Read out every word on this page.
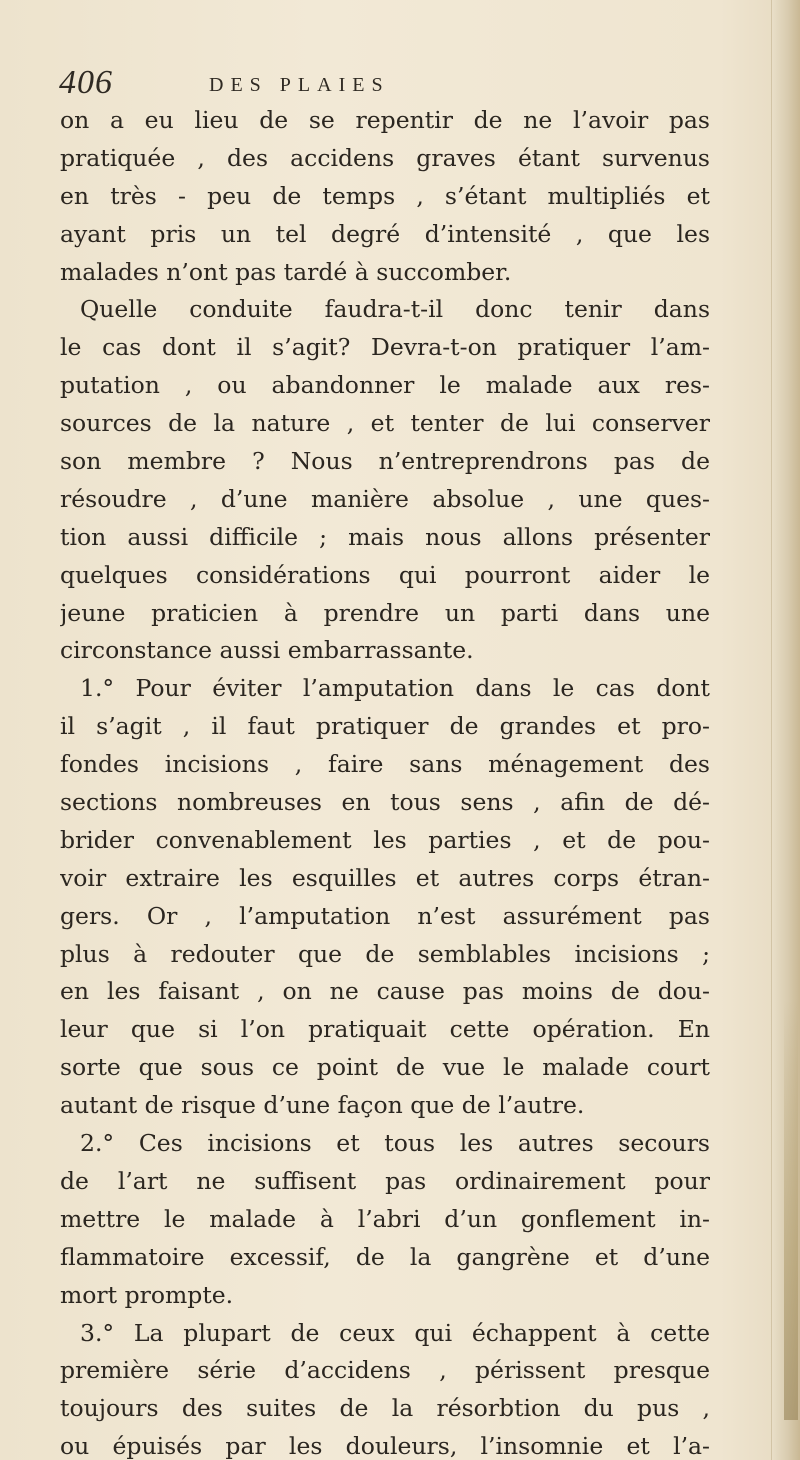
406	DES PLAIES
on a eu lieu de se repentir de ne l’avoir pas
pratiquée , des accidens graves étant survenus
en très - peu de temps , s’étant multipliés et
ayant pris un tel degré d’intensité , que les
malades n’ont pas tardé à succomber.
Quelle conduite faudra-t-il donc tenir dans
le cas dont il s’agit? Devra-t-on pratiquer l’am-
putation , ou abandonner le malade aux res-
sources de la nature , et tenter de lui conserver
son membre ? Nous n’entreprendrons pas de
résoudre , d’une manière absolue , une ques-
tion aussi difficile ; mais nous allons présenter
quelques considérations qui pourront aider le
jeune praticien à prendre un parti dans une
circonstance aussi embarrassante.
1.° Pour éviter l’amputation dans le cas dont
il s’agit , il faut pratiquer de grandes et pro-
fondes incisions , faire sans ménagement des
sections nombreuses en tous sens , afin de dé-
brider convenablement les parties , et de pou-
voir extraire les esquilles et autres corps étran-
gers. Or , l’amputation n’est assurément pas
plus à redouter que de semblables incisions ;
en les faisant , on ne cause pas moins de dou-
leur que si l’on pratiquait cette opération. En
sorte que sous ce point de vue le malade court
autant de risque d’une façon que de l’autre.
2.° Ces incisions et tous les autres secours
de l’art ne suffisent pas ordinairement pour
mettre le malade à l’abri d’un gonflement in-
flammatoire excessif, de la gangrène et d’une
mort prompte.
3.° La plupart de ceux qui échappent à cette
première série d’accidens , périssent presque
toujours des suites de la résorbtion du pus ,
ou épuisés par les douleurs, l’insomnie et l’a-
